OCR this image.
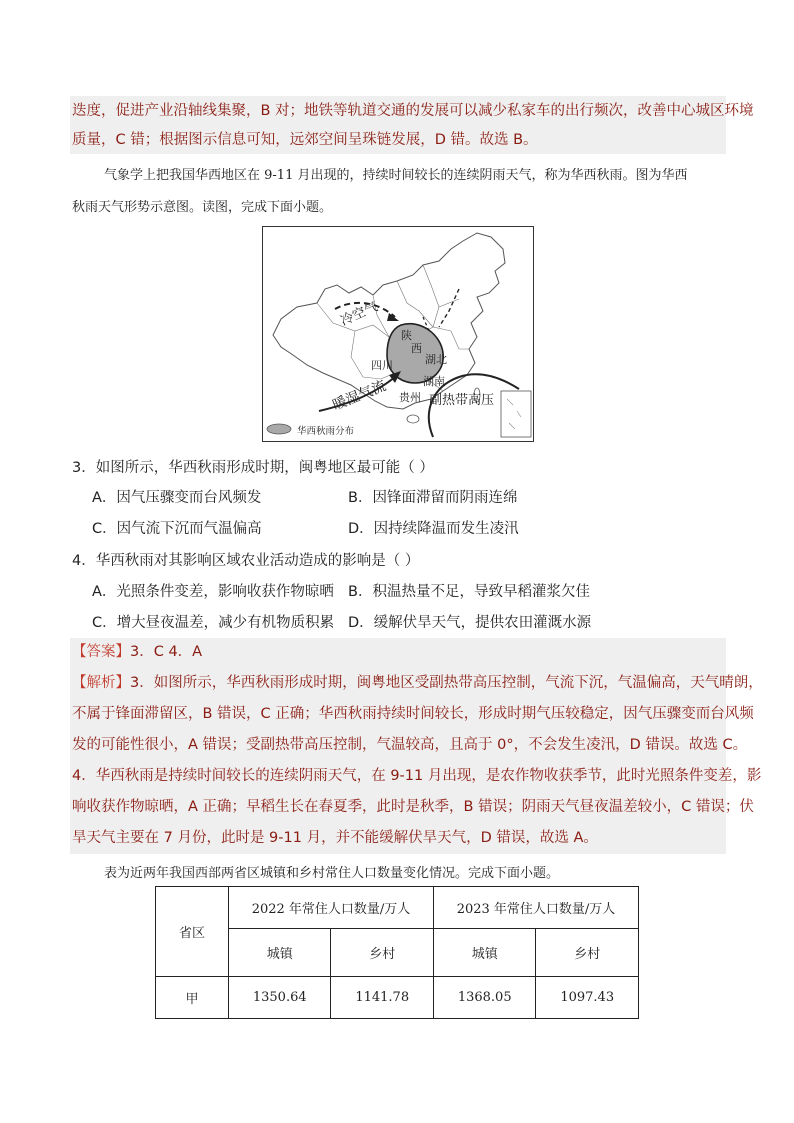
迭度，促进产业沿轴线集聚，B 对；地铁等轨道交通的发展可以减少私家车的出行频次，改善中心城区环境
质量，C 错；根据图示信息可知，远郊空间呈珠链发展，D 错。故选 B。
气象学上把我国华西地区在 9-11 月出现的，持续时间较长的连续阴雨天气，称为华西秋雨。图为华西
秋雨天气形势示意图。读图，完成下面小题。
冷空气
陕
西
四川	湖北
湖南
贵州
暖湿气流	副热带高压
华西秋雨分布
3．如图所示，华西秋雨形成时期，闽粤地区最可能（ ）
A．因气压骤变而台风频发	B．因锋面滞留而阴雨连绵
C．因气流下沉而气温偏高	D．因持续降温而发生凌汛
4．华西秋雨对其影响区域农业活动造成的影响是（ ）
A．光照条件变差，影响收获作物晾晒 B．积温热量不足，导致早稻灌浆欠佳
C．增大昼夜温差，减少有机物质积累 D．缓解伏旱天气，提供农田灌溉水源
【答案】3．C 4．A
【解析】3．如图所示，华西秋雨形成时期，闽粤地区受副热带高压控制，气流下沉，气温偏高，天气晴朗，
不属于锋面滞留区，B 错误，C 正确；华西秋雨持续时间较长，形成时期气压较稳定，因气压骤变而台风频
发的可能性很小，A 错误；受副热带高压控制，气温较高，且高于 0°，不会发生凌汛，D 错误。故选 C。
4．华西秋雨是持续时间较长的连续阴雨天气，在 9-11 月出现，是农作物收获季节，此时光照条件变差，影
响收获作物晾晒，A 正确；早稻生长在春夏季，此时是秋季，B 错误；阴雨天气昼夜温差较小，C 错误；伏
旱天气主要在 7 月份，此时是 9-11 月，并不能缓解伏旱天气，D 错误，故选 A。
表为近两年我国西部两省区城镇和乡村常住人口数量变化情况。完成下面小题。
省区	2022 年常住人口数量/万人		2023 年常住人口数量/万人	
	城镇	乡村	城镇	乡村
甲	1350.64	1141.78	1368.05	1097.43
